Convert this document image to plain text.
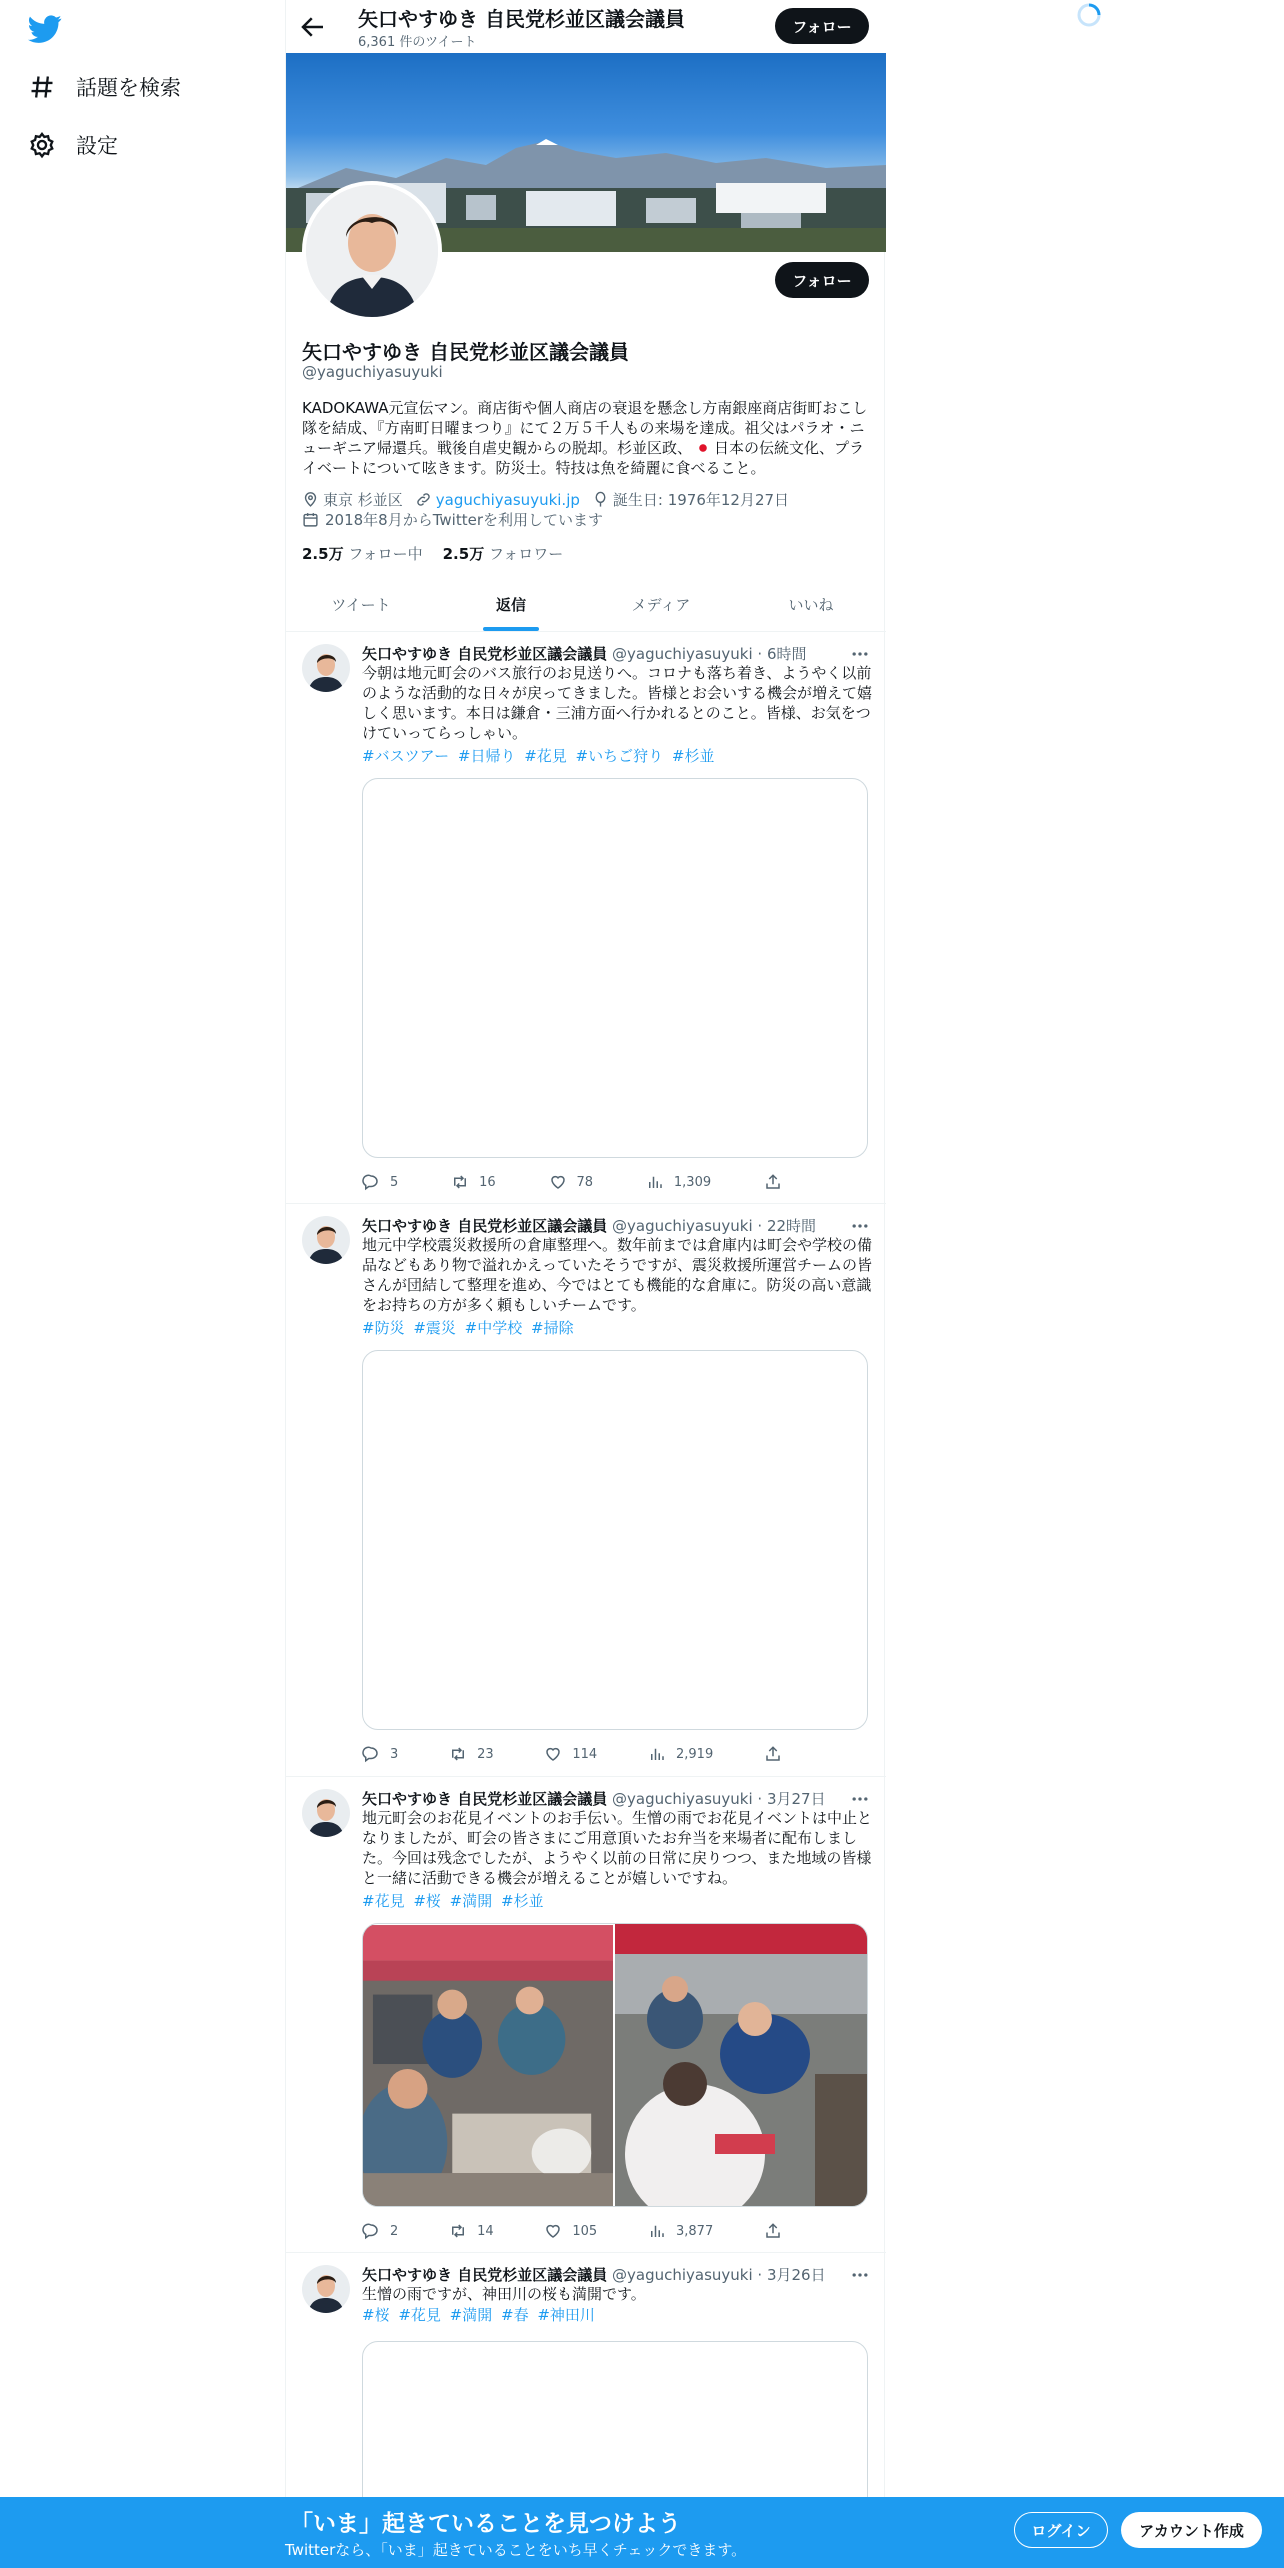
話題を検索
設定
矢口やすゆき 自民党杉並区議会議員
6,361 件のツイート
フォロー
フォロー
矢口やすゆき 自民党杉並区議会議員
@yaguchiyasuyuki
KADOKAWA元宣伝マン。商店街や個人商店の衰退を懸念し方南銀座商店街町おこし隊を結成、『方南町日曜まつり』にて２万５千人もの来場を達成。祖父はパラオ・ニューギニア帰還兵。戦後自虐史観からの脱却。杉並区政、 日本の伝統文化、プライベートについて呟きます。防災士。特技は魚を綺麗に食べること。
東京 杉並区 yaguchiyasuyuki.jp 誕生日: 1976年12月27日
2018年8月からTwitterを利用しています
2.5万 フォロー中 2.5万 フォロワー
ツイート	返信	メディア	いいね
矢口やすゆき 自民党杉並区議会議員 @yaguchiyasuyuki · 6時間
今朝は地元町会のバス旅行のお見送りへ。コロナも落ち着き、ようやく以前のような活動的な日々が戻ってきました。皆様とお会いする機会が増えて嬉しく思います。本日は鎌倉・三浦方面へ行かれるとのこと。皆様、お気をつけていってらっしゃい。
#バスツアー #日帰り #花見 #いちご狩り #杉並
5	16	78	1,309
矢口やすゆき 自民党杉並区議会議員 @yaguchiyasuyuki · 22時間
地元中学校震災救援所の倉庫整理へ。数年前までは倉庫内は町会や学校の備品などもあり物で溢れかえっていたそうですが、震災救援所運営チームの皆さんが団結して整理を進め、今ではとても機能的な倉庫に。防災の高い意識をお持ちの方が多く頼もしいチームです。
#防災 #震災 #中学校 #掃除
3	23	114	2,919
矢口やすゆき 自民党杉並区議会議員 @yaguchiyasuyuki · 3月27日
地元町会のお花見イベントのお手伝い。生憎の雨でお花見イベントは中止となりましたが、町会の皆さまにご用意頂いたお弁当を来場者に配布しました。今回は残念でしたが、ようやく以前の日常に戻りつつ、また地域の皆様と一緒に活動できる機会が増えることが嬉しいですね。
#花見 #桜 #満開 #杉並
2	14	105	3,877
矢口やすゆき 自民党杉並区議会議員 @yaguchiyasuyuki · 3月26日
生憎の雨ですが、神田川の桜も満開です。
#桜 #花見 #満開 #春 #神田川
「いま」起きていることを見つけよう
Twitterなら、「いま」起きていることをいち早くチェックできます。
ログイン	アカウント作成
